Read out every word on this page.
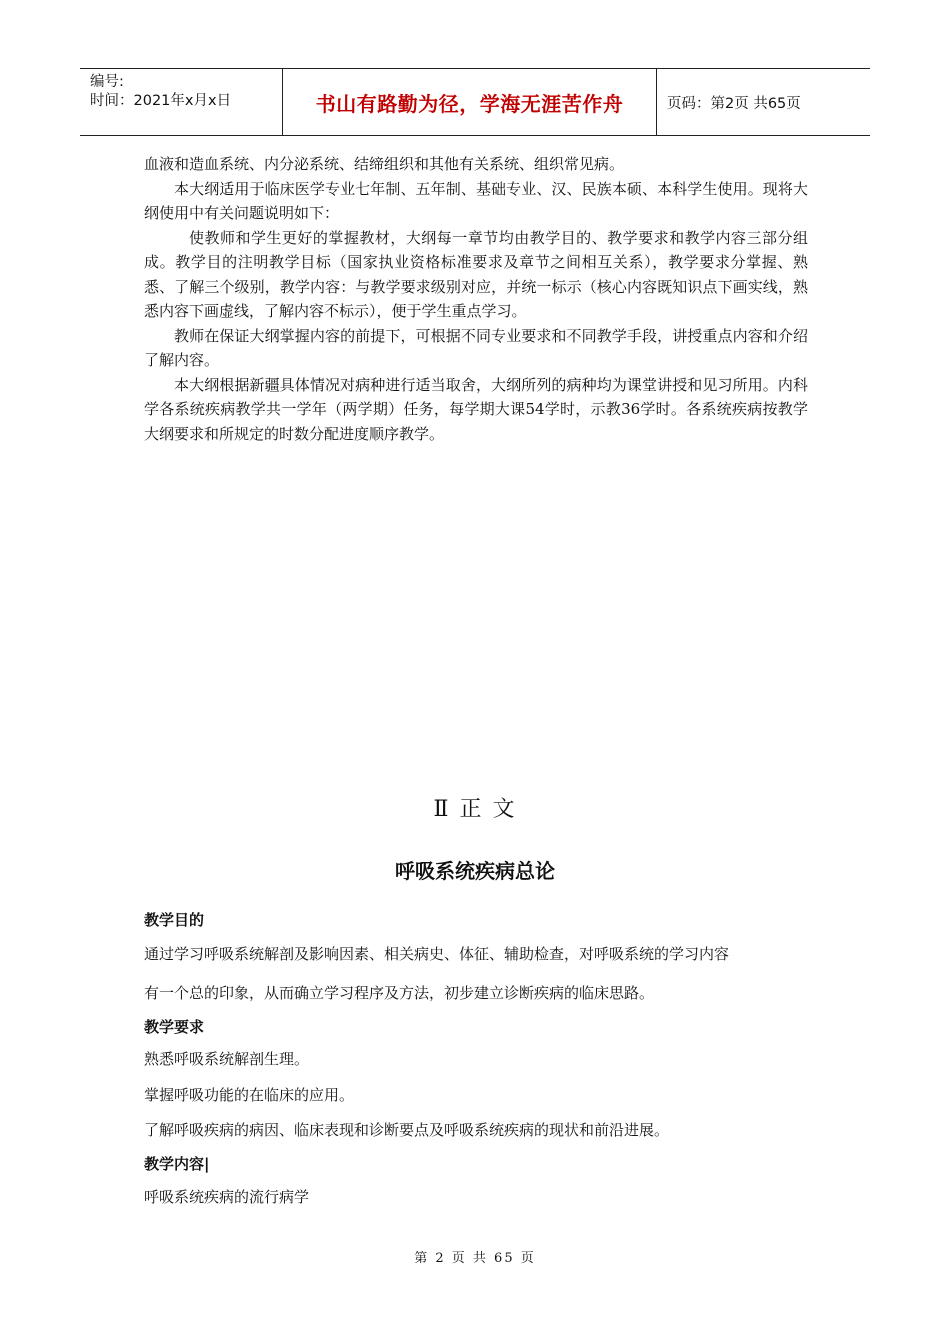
编号:
时间：2021年x月x日	书山有路勤为径，学海无涯苦作舟	页码：第2页 共65页

血液和造血系统、内分泌系统、结缔组织和其他有关系统、组织常见病。

本大纲适用于临床医学专业七年制、五年制、基础专业、汉、民族本硕、本科学生使用。现将大纲使用中有关问题说明如下：

使教师和学生更好的掌握教材，大纲每一章节均由教学目的、教学要求和教学内容三部分组成。教学目的注明教学目标（国家执业资格标准要求及章节之间相互关系），教学要求分掌握、熟悉、了解三个级别，教学内容：与教学要求级别对应，并统一标示（核心内容既知识点下画实线，熟悉内容下画虚线，了解内容不标示），便于学生重点学习。

教师在保证大纲掌握内容的前提下，可根据不同专业要求和不同教学手段，讲授重点内容和介绍了解内容。

本大纲根据新疆具体情况对病种进行适当取舍，大纲所列的病种均为课堂讲授和见习所用。内科学各系统疾病教学共一学年（两学期）任务，每学期大课54学时，示教36学时。各系统疾病按教学大纲要求和所规定的时数分配进度顺序教学。

Ⅱ 正 文
呼吸系统疾病总论
教学目的
通过学习呼吸系统解剖及影响因素、相关病史、体征、辅助检查，对呼吸系统的学习内容
有一个总的印象，从而确立学习程序及方法，初步建立诊断疾病的临床思路。
教学要求
熟悉呼吸系统解剖生理。
掌握呼吸功能的在临床的应用。
了解呼吸疾病的病因、临床表现和诊断要点及呼吸系统疾病的现状和前沿进展。
教学内容|
呼吸系统疾病的流行病学
第 2 页 共 65 页
